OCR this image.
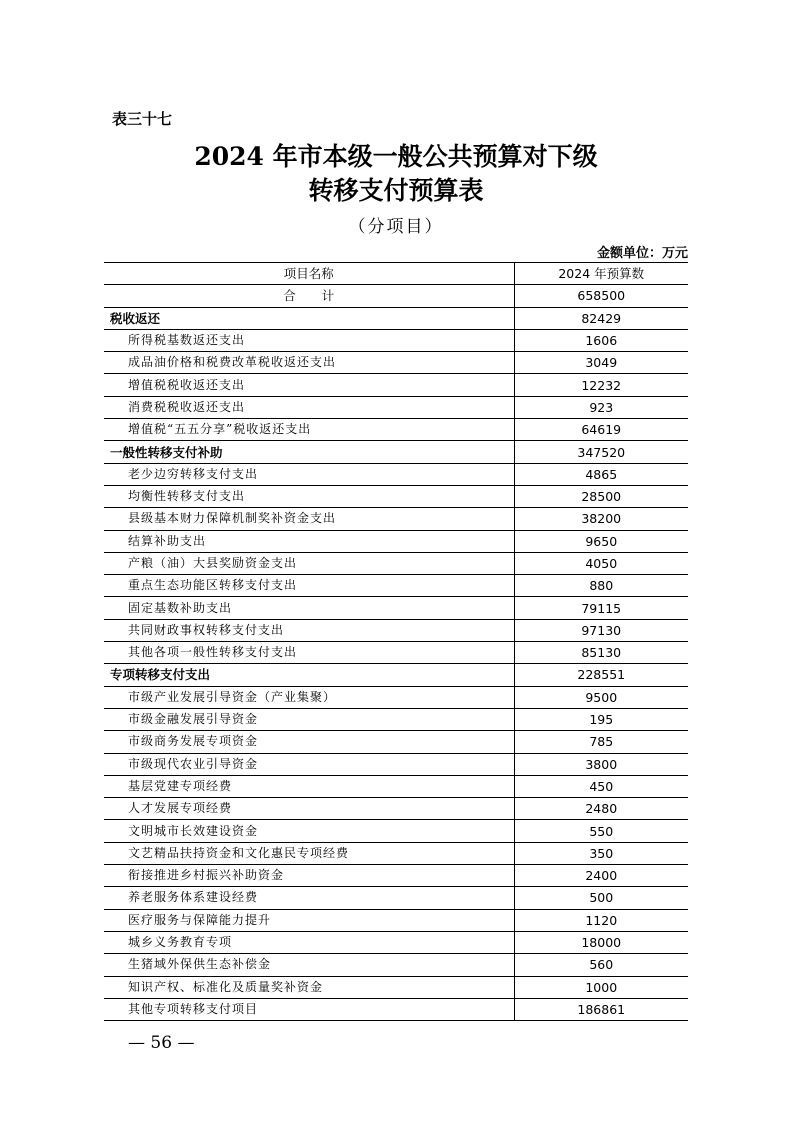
表三十七
2024 年市本级一般公共预算对下级
转移支付预算表
（分项目）
金额单位：万元
项目名称	2024 年预算数
合计	658500
税收返还	82429
所得税基数返还支出	1606
成品油价格和税费改革税收返还支出	3049
增值税税收返还支出	12232
消费税税收返还支出	923
增值税“五五分享”税收返还支出	64619
一般性转移支付补助	347520
老少边穷转移支付支出	4865
均衡性转移支付支出	28500
县级基本财力保障机制奖补资金支出	38200
结算补助支出	9650
产粮（油）大县奖励资金支出	4050
重点生态功能区转移支付支出	880
固定基数补助支出	79115
共同财政事权转移支付支出	97130
其他各项一般性转移支付支出	85130
专项转移支付支出	228551
市级产业发展引导资金（产业集聚）	9500
市级金融发展引导资金	195
市级商务发展专项资金	785
市级现代农业引导资金	3800
基层党建专项经费	450
人才发展专项经费	2480
文明城市长效建设资金	550
文艺精品扶持资金和文化惠民专项经费	350
衔接推进乡村振兴补助资金	2400
养老服务体系建设经费	500
医疗服务与保障能力提升	1120
城乡义务教育专项	18000
生猪域外保供生态补偿金	560
知识产权、标准化及质量奖补资金	1000
其他专项转移支付项目	186861
— 56 —
